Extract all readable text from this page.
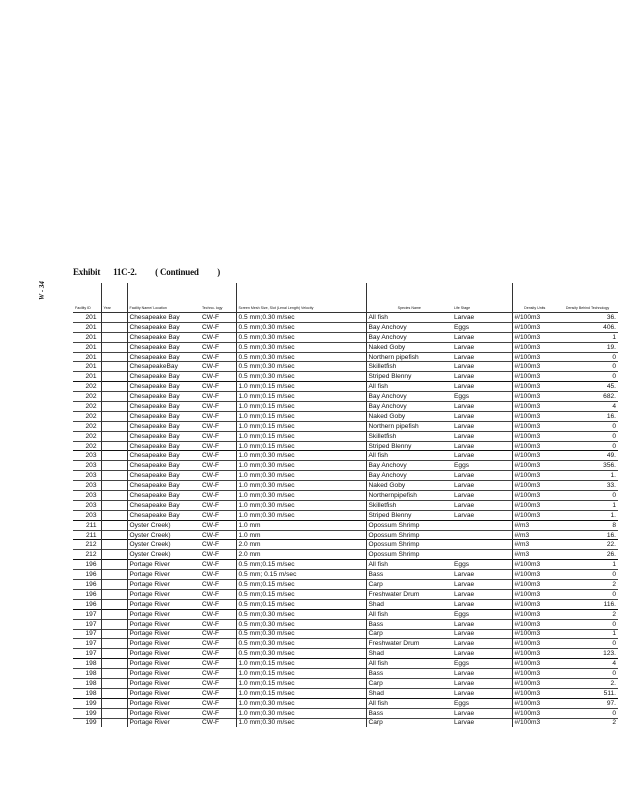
W - 34
Exhibit 11C-2. ( Continued )
Facility ID	Year	Facility Name/ Location	Techno- logy	Screen Mesh Size, Slot (Lenal Length) Velocity	Species Name	Life Stage	Density Units	Density Behind Technology
201		Chesapeake Bay	CW-F	0.5 mm;0.30 m/sec	All fish	Larvae	#/100m3	36.
201		Chesapeake Bay	CW-F	0.5 mm;0.30 m/sec	Bay Anchovy	Eggs	#/100m3	406.
201		Chesapeake Bay	CW-F	0.5 mm;0.30 m/sec	Bay Anchovy	Larvae	#/100m3	1
201		Chesapeake Bay	CW-F	0.5 mm;0.30 m/sec	Naked Goby	Larvae	#/100m3	19.
201		Chesapeake Bay	CW-F	0.5 mm;0.30 m/sec	Northern pipefish	Larvae	#/100m3	0
201		ChesapeakeBay	CW-F	0.5 mm;0.30 m/sec	Skilletfish	Larvae	#/100m3	0
201		Chesapeake Bay	CW-F	0.5 mm;0.30 m/sec	Striped Blenny	Larvae	#/100m3	0
202		Chesapeake Bay	CW-F	1.0 mm;0.15 m/sec	All fish	Larvae	#/100m3	45.
202		Chesapeake Bay	CW-F	1.0 mm;0.15 m/sec	Bay Anchovy	Eggs	#/100m3	682.
202		Chesapeake Bay	CW-F	1.0 mm;0.15 m/sec	Bay Anchovy	Larvae	#/100m3	4
202		Chesapeake Bay	CW-F	1.0 mm;0.15 m/sec	Naked Goby	Larvae	#/100m3	16.
202		Chesapeake Bay	CW-F	1.0 mm;0.15 m/sec	Northern pipefish	Larvae	#/100m3	0
202		Chesapeake Bay	CW-F	1.0 mm;0.15 m/sec	Skilletfish	Larvae	#/100m3	0
202		Chesapeake Bay	CW-F	1.0 mm;0.15 m/sec	Striped Blenny	Larvae	#/100m3	0
203		Chesapeake Bay	CW-F	1.0 mm;0.30 m/sec	All fish	Larvae	#/100m3	49.
203		Chesapeake Bay	CW-F	1.0 mm;0.30 m/sec	Bay Anchovy	Eggs	#/100m3	356.
203		Chesapeake Bay	CW-F	1.0 mm;0.30 m/sec	Bay Anchovy	Larvae	#/100m3	1.
203		Chesapeake Bay	CW-F	1.0 mm;0.30 m/sec	Naked Goby	Larvae	#/100m3	33.
203		Chesapeake Bay	CW-F	1.0 mm;0.30 m/sec	Northernpipefish	Larvae	#/100m3	0
203		Chesapeake Bay	CW-F	1.0 mm;0.30 m/sec	Skilletfish	Larvae	#/100m3	1
203		Chesapeake Bay	CW-F	1.0 mm;0.30 m/sec	Striped Blenny	Larvae	#/100m3	1.
211		Oyster Creek)	CW-F	1.0 mm	Opossum Shrimp		#/m3	8
211		Oyster Creek)	CW-F	1.0 mm	Opossum Shrimp		#/m3	16.
212		Oyster Creek)	CW-F	2.0 mm	Opossum Shrimp		#/m3	22.
212		Oyster Creek)	CW-F	2.0 mm	Opossum Shrimp		#/m3	26.
196		Portage River	CW-F	0.5 mm;0.15 m/sec	All fish	Eggs	#/100m3	1
196		Portage River	CW-F	0.5 mm; 0.15 m/sec	Bass	Larvae	#/100m3	0
196		Portage River	CW-F	0.5 mm;0.15 m/sec	Carp	Larvae	#/100m3	2
196		Portage River	CW-F	0.5 mm;0.15 m/sec	Freshwater Drum	Larvae	#/100m3	0
196		Portage River	CW-F	0.5 mm;0.15 m/sec	Shad	Larvae	#/100m3	116.
197		Portage River	CW-F	0.5 mm;0.30 m/sec	All fish	Eggs	#/100m3	2
197		Portage River	CW-F	0.5 mm;0.30 m/sec	Bass	Larvae	#/100m3	0
197		Portage River	CW-F	0.5 mm;0.30 m/sec	Carp	Larvae	#/100m3	1
197		Portage River	CW-F	0.5 mm;0.30 m/sec	Freshwater Drum	Larvae	#/100m3	0
197		Portage River	CW-F	0.5 mm;0.30 m/sec	Shad	Larvae	#/100m3	123.
198		Portage River	CW-F	1.0 mm;0.15 m/sec	All fish	Eggs	#/100m3	4
198		Portage River	CW-F	1.0 mm;0.15 m/sec	Bass	Larvae	#/100m3	0
198		Portage River	CW-F	1.0 mm;0.15 m/sec	Carp	Larvae	#/100m3	2.
198		Portage River	CW-F	1.0 mm;0.15 m/sec	Shad	Larvae	#/100m3	511.
199		Portage River	CW-F	1.0 mm;0.30 m/sec	All fish	Eggs	#/100m3	97.
199		Portage River	CW-F	1.0 mm;0.30 m/sec	Bass	Larvae	#/100m3	0
199		Portage River	CW-F	1.0 mm;0.30 m/sec	Carp	Larvae	#/100m3	2
